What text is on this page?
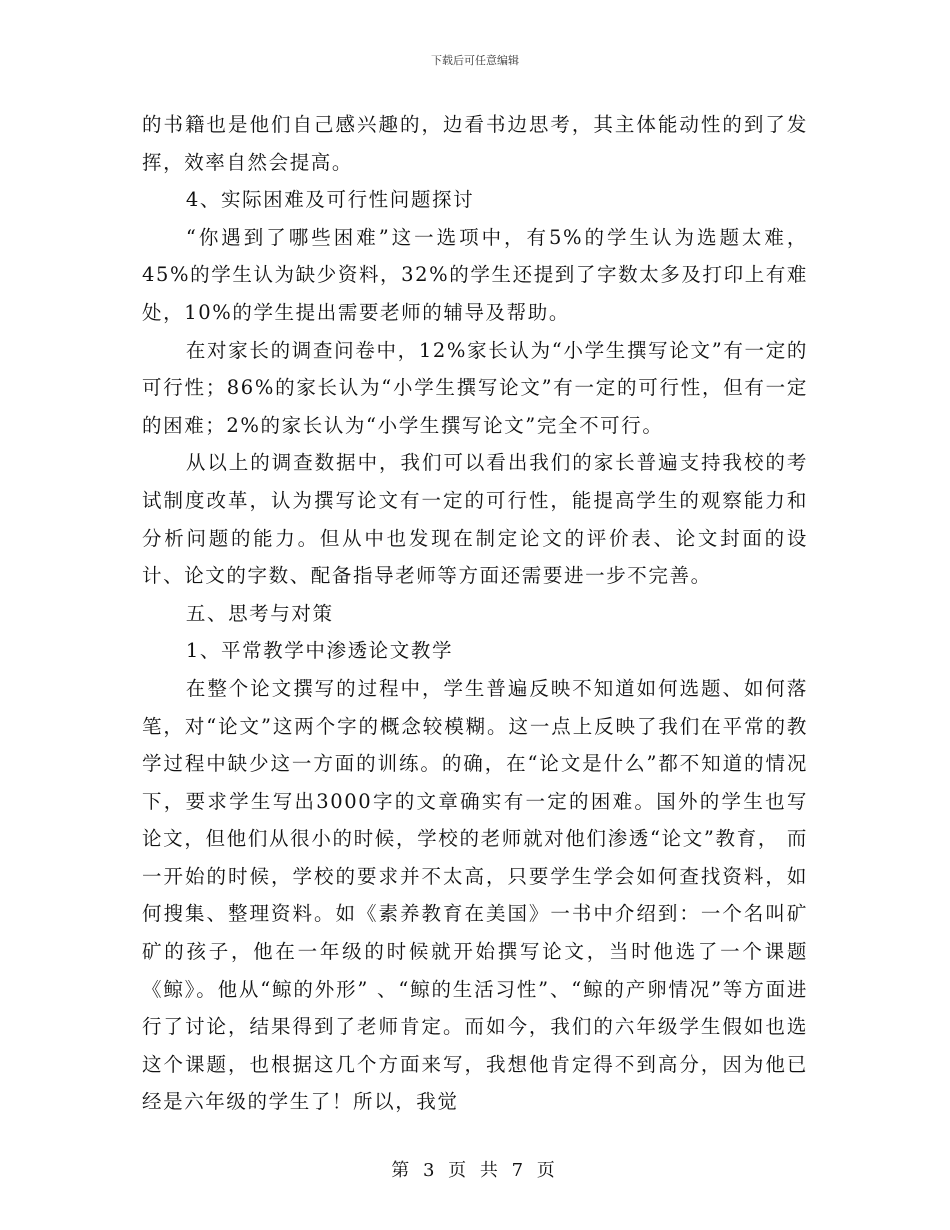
下载后可任意编辑

的书籍也是他们自己感兴趣的，边看书边思考，其主体能动性的到了发挥，效率自然会提高。

4、实际困难及可行性问题探讨

“你遇到了哪些困难”这一选项中，有5%的学生认为选题太难，45%的学生认为缺少资料，32%的学生还提到了字数太多及打印上有难处，10%的学生提出需要老师的辅导及帮助。

在对家长的调查问卷中，12%家长认为“小学生撰写论文”有一定的可行性；86%的家长认为“小学生撰写论文”有一定的可行性，但有一定的困难；2%的家长认为“小学生撰写论文”完全不可行。

从以上的调查数据中，我们可以看出我们的家长普遍支持我校的考试制度改革，认为撰写论文有一定的可行性，能提高学生的观察能力和分析问题的能力。但从中也发现在制定论文的评价表、论文封面的设计、论文的字数、配备指导老师等方面还需要进一步不完善。

五、思考与对策

1、平常教学中渗透论文教学

在整个论文撰写的过程中，学生普遍反映不知道如何选题、如何落笔，对“论文”这两个字的概念较模糊。这一点上反映了我们在平常的教学过程中缺少这一方面的训练。的确，在“论文是什么”都不知道的情况下，要求学生写出3000字的文章确实有一定的困难。国外的学生也写论文，但他们从很小的时候，学校的老师就对他们渗透“论文”教育， 而一开始的时候，学校的要求并不太高，只要学生学会如何查找资料，如何搜集、整理资料。如《素养教育在美国》一书中介绍到：一个名叫矿矿的孩子，他在一年级的时候就开始撰写论文，当时他选了一个课题《鲸》。他从“鲸的外形” 、“鲸的生活习性”、“鲸的产卵情况”等方面进行了讨论，结果得到了老师肯定。而如今，我们的六年级学生假如也选这个课题，也根据这几个方面来写，我想他肯定得不到高分，因为他已经是六年级的学生了！所以，我觉

第 3 页 共 7 页
